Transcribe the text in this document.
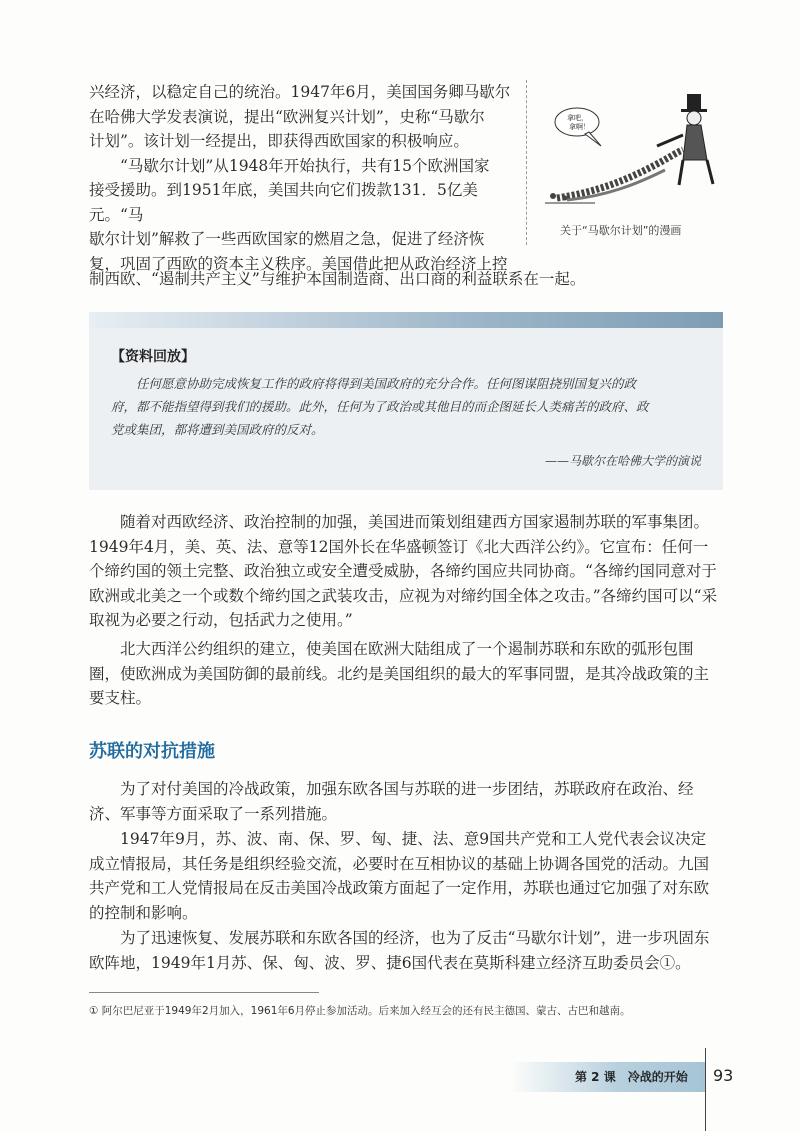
兴经济，以稳定自己的统治。1947年6月，美国国务卿马歇尔
在哈佛大学发表演说，提出“欧洲复兴计划”，史称“马歇尔
计划”。该计划一经提出，即获得西欧国家的积极响应。
“马歇尔计划”从1948年开始执行，共有15个欧洲国家
接受援助。到1951年底，美国共向它们拨款131．5亿美元。“马
歇尔计划”解救了一些西欧国家的燃眉之急，促进了经济恢
复，巩固了西欧的资本主义秩序。美国借此把从政治经济上控
制西欧、“遏制共产主义”与维护本国制造商、出口商的利益联系在一起。
拿吧，
拿啊！
关于“马歇尔计划”的漫画
【资料回放】
任何愿意协助完成恢复工作的政府将得到美国政府的充分合作。任何图谋阻挠别国复兴的政
府，都不能指望得到我们的援助。此外，任何为了政治或其他目的而企图延长人类痛苦的政府、政
党或集团，都将遭到美国政府的反对。
——马歇尔在哈佛大学的演说
随着对西欧经济、政治控制的加强，美国进而策划组建西方国家遏制苏联的军事集团。1949年4月，美、英、法、意等12国外长在华盛顿签订《北大西洋公约》。它宣布：任何一个缔约国的领土完整、政治独立或安全遭受威胁，各缔约国应共同协商。“各缔约国同意对于欧洲或北美之一个或数个缔约国之武装攻击，应视为对缔约国全体之攻击。”各缔约国可以“采取视为必要之行动，包括武力之使用。”
北大西洋公约组织的建立，使美国在欧洲大陆组成了一个遏制苏联和东欧的弧形包围圈，使欧洲成为美国防御的最前线。北约是美国组织的最大的军事同盟，是其冷战政策的主要支柱。
苏联的对抗措施
为了对付美国的冷战政策，加强东欧各国与苏联的进一步团结，苏联政府在政治、经济、军事等方面采取了一系列措施。
1947年9月，苏、波、南、保、罗、匈、捷、法、意9国共产党和工人党代表会议决定成立情报局，其任务是组织经验交流，必要时在互相协议的基础上协调各国党的活动。九国共产党和工人党情报局在反击美国冷战政策方面起了一定作用，苏联也通过它加强了对东欧的控制和影响。
为了迅速恢复、发展苏联和东欧各国的经济，也为了反击“马歇尔计划”，进一步巩固东欧阵地，1949年1月苏、保、匈、波、罗、捷6国代表在莫斯科建立经济互助委员会①。
① 阿尔巴尼亚于1949年2月加入，1961年6月停止参加活动。后来加入经互会的还有民主德国、蒙古、古巴和越南。
第 2 课　冷战的开始 93
